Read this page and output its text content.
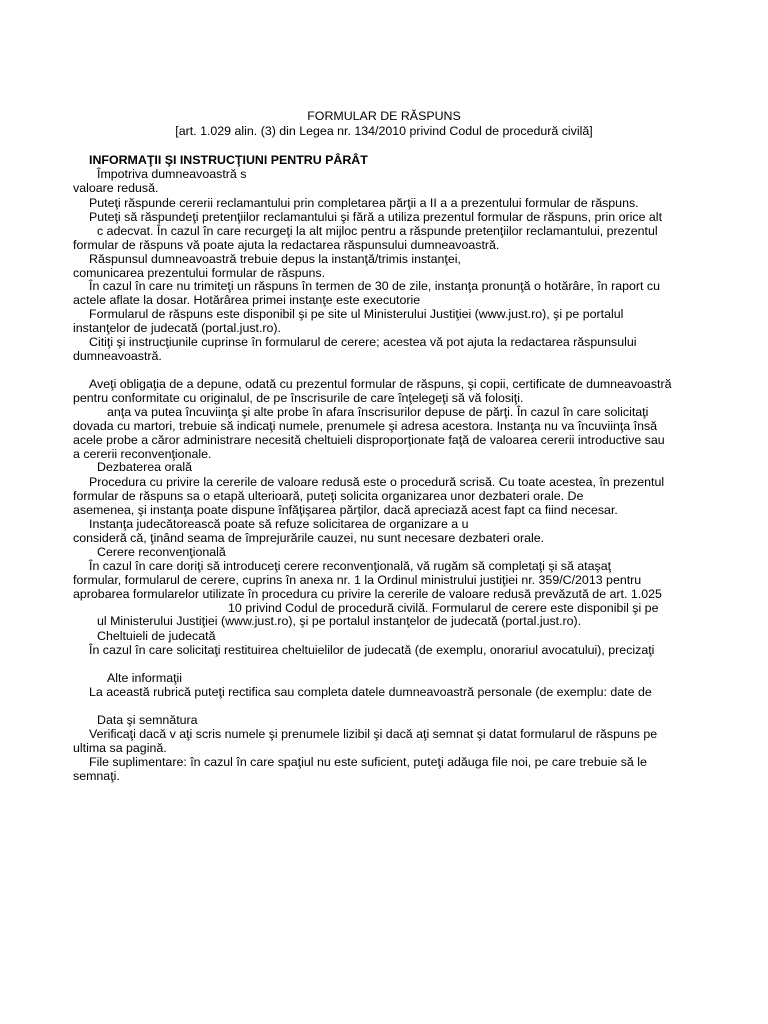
FORMULAR DE RĂSPUNS
[art. 1.029 alin. (3) din Legea nr. 134/2010 privind Codul de procedură civilă]
INFORMAŢII ŞI INSTRUCŢIUNI PENTRU PÂRÂT
Împotriva dumneavoastră s
valoare redusă.
Puteţi răspunde cererii reclamantului prin completarea părţii a II a a prezentului formular de răspuns.
Puteţi să răspundeţi pretenţiilor reclamantului şi fără a utiliza prezentul formular de răspuns, prin orice alt
c adecvat. În cazul în care recurgeţi la alt mijloc pentru a răspunde pretenţiilor reclamantului, prezentul
formular de răspuns vă poate ajuta la redactarea răspunsului dumneavoastră.
Răspunsul dumneavoastră trebuie depus la instanţă/trimis instanţei,
comunicarea prezentului formular de răspuns.
În cazul în care nu trimiteţi un răspuns în termen de 30 de zile, instanţa pronunţă o hotărâre, în raport cu
actele aflate la dosar. Hotărârea primei instanţe este executorie
Formularul de răspuns este disponibil şi pe site ul Ministerului Justiţiei (www.just.ro), şi pe portalul
instanţelor de judecată (portal.just.ro).
Citiţi şi instrucţiunile cuprinse în formularul de cerere; acestea vă pot ajuta la redactarea răspunsului
dumneavoastră.
Aveţi obligaţia de a depune, odată cu prezentul formular de răspuns, şi copii, certificate de dumneavoastră
pentru conformitate cu originalul, de pe înscrisurile de care înţelegeţi să vă folosiţi.
anţa va putea încuviinţa şi alte probe în afara înscrisurilor depuse de părţi. În cazul în care solicitaţi
dovada cu martori, trebuie să indicaţi numele, prenumele şi adresa acestora. Instanţa nu va încuviinţa însă
acele probe a căror administrare necesită cheltuieli disproporţionate faţă de valoarea cererii introductive sau
a cererii reconvenţionale.
Dezbaterea orală
Procedura cu privire la cererile de valoare redusă este o procedură scrisă. Cu toate acestea, în prezentul
formular de răspuns sa o etapă ulterioară, puteţi solicita organizarea unor dezbateri orale. De
asemenea, şi instanţa poate dispune înfăţişarea părţilor, dacă apreciază acest fapt ca fiind necesar.
Instanţa judecătorească poate să refuze solicitarea de organizare a u
consideră că, ţinând seama de împrejurările cauzei, nu sunt necesare dezbateri orale.
Cerere reconvenţională
În cazul în care doriţi să introduceţi cerere reconvenţională, vă rugăm să completaţi şi să ataşaţ
formular, formularul de cerere, cuprins în anexa nr. 1 la Ordinul ministrului justiţiei nr. 359/C/2013 pentru
aprobarea formularelor utilizate în procedura cu privire la cererile de valoare redusă prevăzută de art. 1.025
10 privind Codul de procedură civilă. Formularul de cerere este disponibil şi pe
ul Ministerului Justiţiei (www.just.ro), şi pe portalul instanţelor de judecată (portal.just.ro).
Cheltuieli de judecată
În cazul în care solicitaţi restituirea cheltuielilor de judecată (de exemplu, onorariul avocatului), precizaţi
Alte informaţii
La această rubrică puteţi rectifica sau completa datele dumneavoastră personale (de exemplu: date de
Data şi semnătura
Verificaţi dacă v aţi scris numele şi prenumele lizibil şi dacă aţi semnat şi datat formularul de răspuns pe
ultima sa pagină.
File suplimentare: în cazul în care spaţiul nu este suficient, puteţi adăuga file noi, pe care trebuie să le
semnaţi.
